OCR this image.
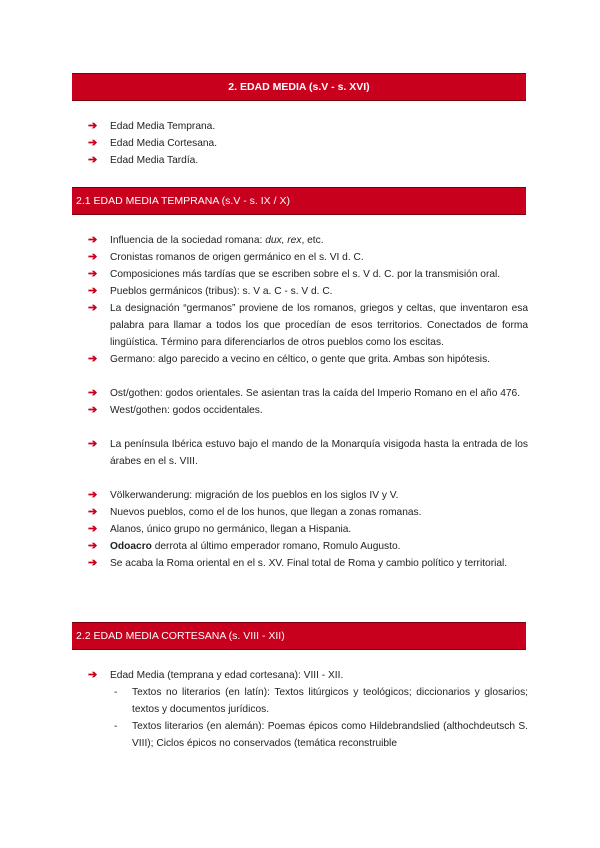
2. EDAD MEDIA (s.V - s. XVI)
➔ Edad Media Temprana.
➔ Edad Media Cortesana.
➔ Edad Media Tardía.
2.1 EDAD MEDIA TEMPRANA (s.V - s. IX / X)
➔ Influencia de la sociedad romana: dux, rex, etc.
➔ Cronistas romanos de origen germánico en el s. VI d. C.
➔ Composiciones más tardías que se escriben sobre el s. V d. C. por la transmisión oral.
➔ Pueblos germánicos (tribus): s. V a. C - s. V d. C.
➔ La designación “germanos” proviene de los romanos, griegos y celtas, que inventaron esa palabra para llamar a todos los que procedían de esos territorios. Conectados de forma lingüística. Término para diferenciarlos de otros pueblos como los escitas.
➔ Germano: algo parecido a vecino en céltico, o gente que grita. Ambas son hipótesis.
➔ Ost/gothen: godos orientales. Se asientan tras la caída del Imperio Romano en el año 476.
➔ West/gothen: godos occidentales.
➔ La península Ibérica estuvo bajo el mando de la Monarquía visigoda hasta la entrada de los árabes en el s. VIII.
➔ Völkerwanderung: migración de los pueblos en los siglos IV y V.
➔ Nuevos pueblos, como el de los hunos, que llegan a zonas romanas.
➔ Alanos, único grupo no germánico, llegan a Hispania.
➔ Odoacro derrota al último emperador romano, Romulo Augusto.
➔ Se acaba la Roma oriental en el s. XV. Final total de Roma y cambio político y territorial.
2.2 EDAD MEDIA CORTESANA (s. VIII - XII)
➔ Edad Media (temprana y edad cortesana): VIII - XII.
- Textos no literarios (en latín): Textos litúrgicos y teológicos; diccionarios y glosarios; textos y documentos jurídicos.
- Textos literarios (en alemán): Poemas épicos como Hildebrandslied (althochdeutsch S. VIII); Ciclos épicos no conservados (temática reconstruible
